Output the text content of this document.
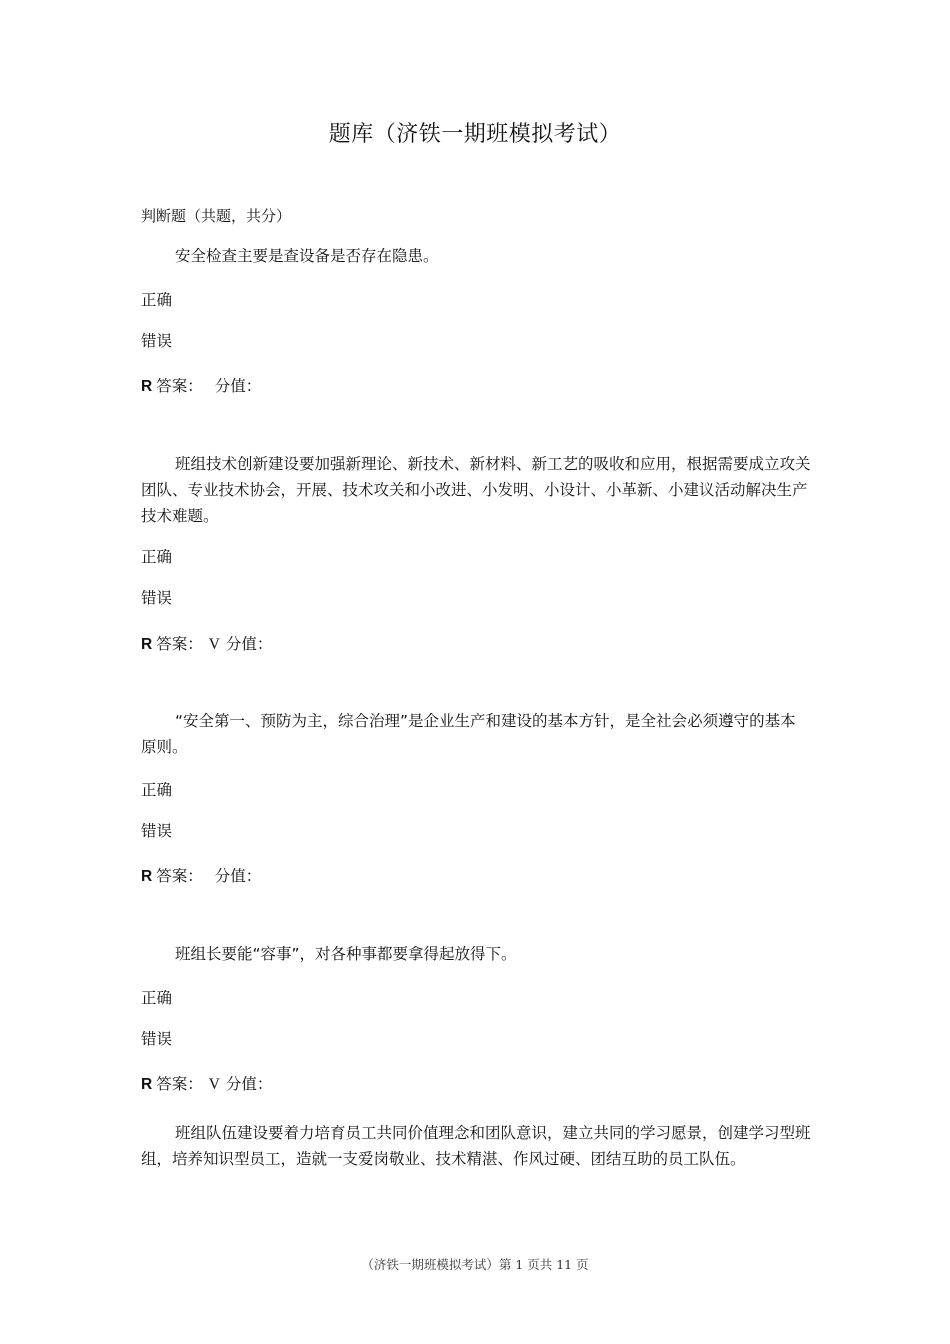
题库（济铁一期班模拟考试）
判断题（共题，共分）

安全检查主要是查设备是否存在隐患。

正确
错误
R 答案： 分值：

班组技术创新建设要加强新理论、新技术、新材料、新工艺的吸收和应用，根据需要成立攻关团队、专业技术协会，开展、技术攻关和小改进、小发明、小设计、小革新、小建议活动解决生产技术难题。

正确
错误
R 答案： V 分值：

“安全第一、预防为主，综合治理”是企业生产和建设的基本方针，是全社会必须遵守的基本原则。

正确
错误
R 答案： 分值：

班组长要能“容事”，对各种事都要拿得起放得下。

正确
错误
R 答案： V 分值：

班组队伍建设要着力培育员工共同价值理念和团队意识，建立共同的学习愿景，创建学习型班组，培养知识型员工，造就一支爱岗敬业、技术精湛、作风过硬、团结互助的员工队伍。

（济铁一期班模拟考试）第 1 页共 11 页
